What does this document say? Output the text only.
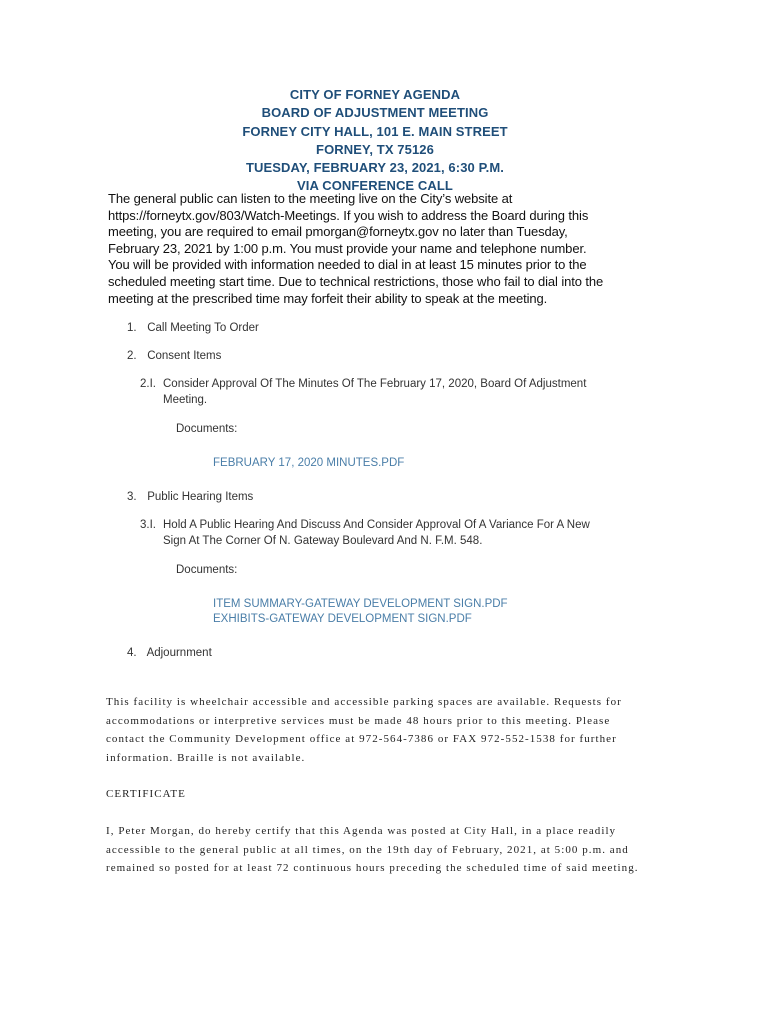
CITY OF FORNEY AGENDA
BOARD OF ADJUSTMENT MEETING
FORNEY CITY HALL, 101 E. MAIN STREET
FORNEY, TX 75126
TUESDAY, FEBRUARY 23, 2021, 6:30 P.M.
VIA CONFERENCE CALL
The general public can listen to the meeting live on the City’s website at
https://forneytx.gov/803/Watch-Meetings. If you wish to address the Board during this
meeting, you are required to email pmorgan@forneytx.gov no later than Tuesday,
February 23, 2021 by 1:00 p.m. You must provide your name and telephone number.
You will be provided with information needed to dial in at least 15 minutes prior to the
scheduled meeting start time. Due to technical restrictions, those who fail to dial into the
meeting at the prescribed time may forfeit their ability to speak at the meeting.
1. Call Meeting To Order
2. Consent Items
2.I. Consider Approval Of The Minutes Of The February 17, 2020, Board Of Adjustment
Meeting.
Documents:
FEBRUARY 17, 2020 MINUTES.PDF
3. Public Hearing Items
3.I. Hold A Public Hearing And Discuss And Consider Approval Of A Variance For A New
Sign At The Corner Of N. Gateway Boulevard And N. F.M. 548.
Documents:
ITEM SUMMARY-GATEWAY DEVELOPMENT SIGN.PDF
EXHIBITS-GATEWAY DEVELOPMENT SIGN.PDF
4. Adjournment
This facility is wheelchair accessible and accessible parking spaces are available. Requests for
accommodations or interpretive services must be made 48 hours prior to this meeting. Please
contact the Community Development office at 972-564-7386 or FAX 972-552-1538 for further
information. Braille is not available.
CERTIFICATE
I, Peter Morgan, do hereby certify that this Agenda was posted at City Hall, in a place readily
accessible to the general public at all times, on the 19th day of February, 2021, at 5:00 p.m. and
remained so posted for at least 72 continuous hours preceding the scheduled time of said meeting.
